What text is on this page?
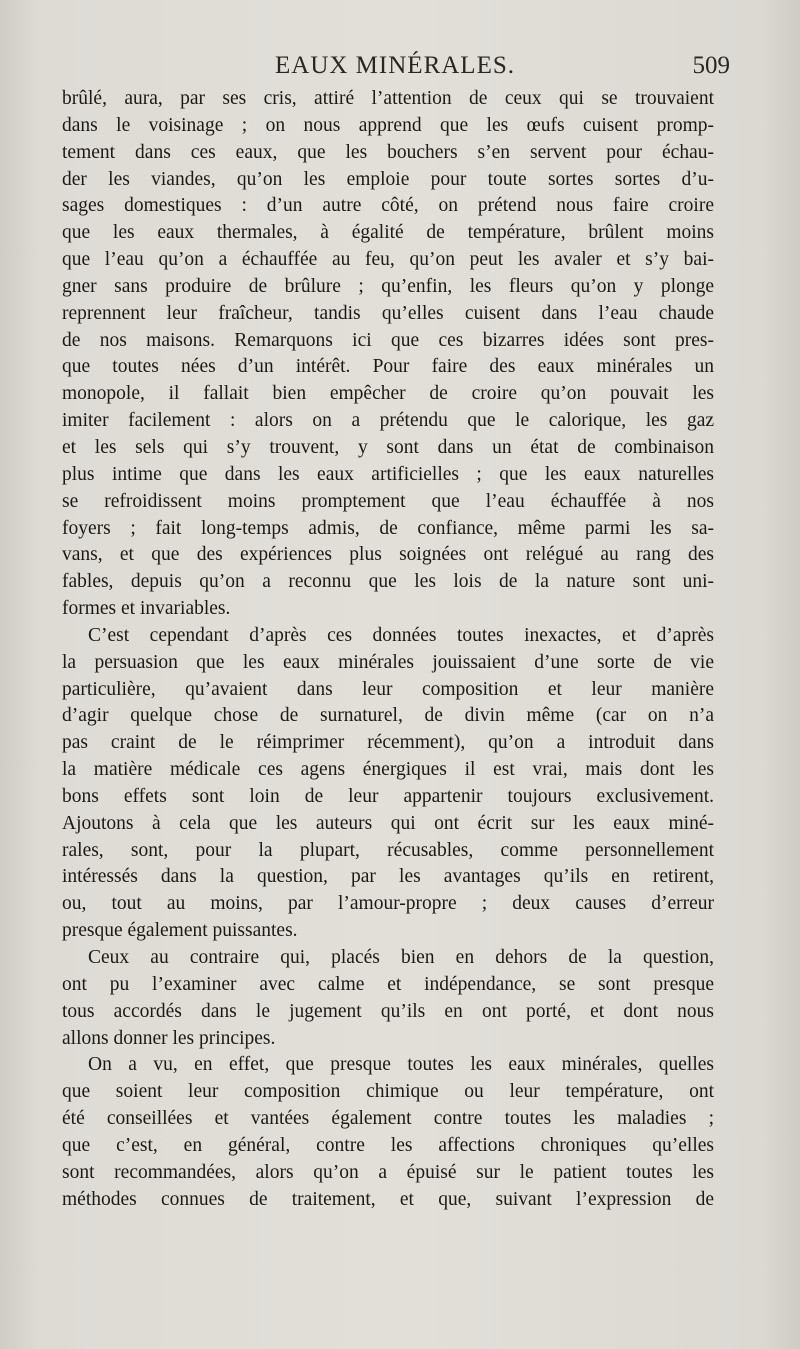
EAUX MINÉRALES.	509
brûlé, aura, par ses cris, attiré l’attention de ceux qui se trouvaient
dans le voisinage ; on nous apprend que les œufs cuisent promp-
tement dans ces eaux, que les bouchers s’en servent pour échau-
der les viandes, qu’on les emploie pour toute sortes sortes d’u-
sages domestiques : d’un autre côté, on prétend nous faire croire
que les eaux thermales, à égalité de température, brûlent moins
que l’eau qu’on a échauffée au feu, qu’on peut les avaler et s’y bai-
gner sans produire de brûlure ; qu’enfin, les fleurs qu’on y plonge
reprennent leur fraîcheur, tandis qu’elles cuisent dans l’eau chaude
de nos maisons. Remarquons ici que ces bizarres idées sont pres-
que toutes nées d’un intérêt. Pour faire des eaux minérales un
monopole, il fallait bien empêcher de croire qu’on pouvait les
imiter facilement : alors on a prétendu que le calorique, les gaz
et les sels qui s’y trouvent, y sont dans un état de combinaison
plus intime que dans les eaux artificielles ; que les eaux naturelles
se refroidissent moins promptement que l’eau échauffée à nos
foyers ; fait long-temps admis, de confiance, même parmi les sa-
vans, et que des expériences plus soignées ont relégué au rang des
fables, depuis qu’on a reconnu que les lois de la nature sont uni-
formes et invariables.
C’est cependant d’après ces données toutes inexactes, et d’après
la persuasion que les eaux minérales jouissaient d’une sorte de vie
particulière, qu’avaient dans leur composition et leur manière
d’agir quelque chose de surnaturel, de divin même (car on n’a
pas craint de le réimprimer récemment), qu’on a introduit dans
la matière médicale ces agens énergiques il est vrai, mais dont les
bons effets sont loin de leur appartenir toujours exclusivement.
Ajoutons à cela que les auteurs qui ont écrit sur les eaux miné-
rales, sont, pour la plupart, récusables, comme personnellement
intéressés dans la question, par les avantages qu’ils en retirent,
ou, tout au moins, par l’amour-propre ; deux causes d’erreur
presque également puissantes.
Ceux au contraire qui, placés bien en dehors de la question,
ont pu l’examiner avec calme et indépendance, se sont presque
tous accordés dans le jugement qu’ils en ont porté, et dont nous
allons donner les principes.
On a vu, en effet, que presque toutes les eaux minérales, quelles
que soient leur composition chimique ou leur température, ont
été conseillées et vantées également contre toutes les maladies ;
que c’est, en général, contre les affections chroniques qu’elles
sont recommandées, alors qu’on a épuisé sur le patient toutes les
méthodes connues de traitement, et que, suivant l’expression de
